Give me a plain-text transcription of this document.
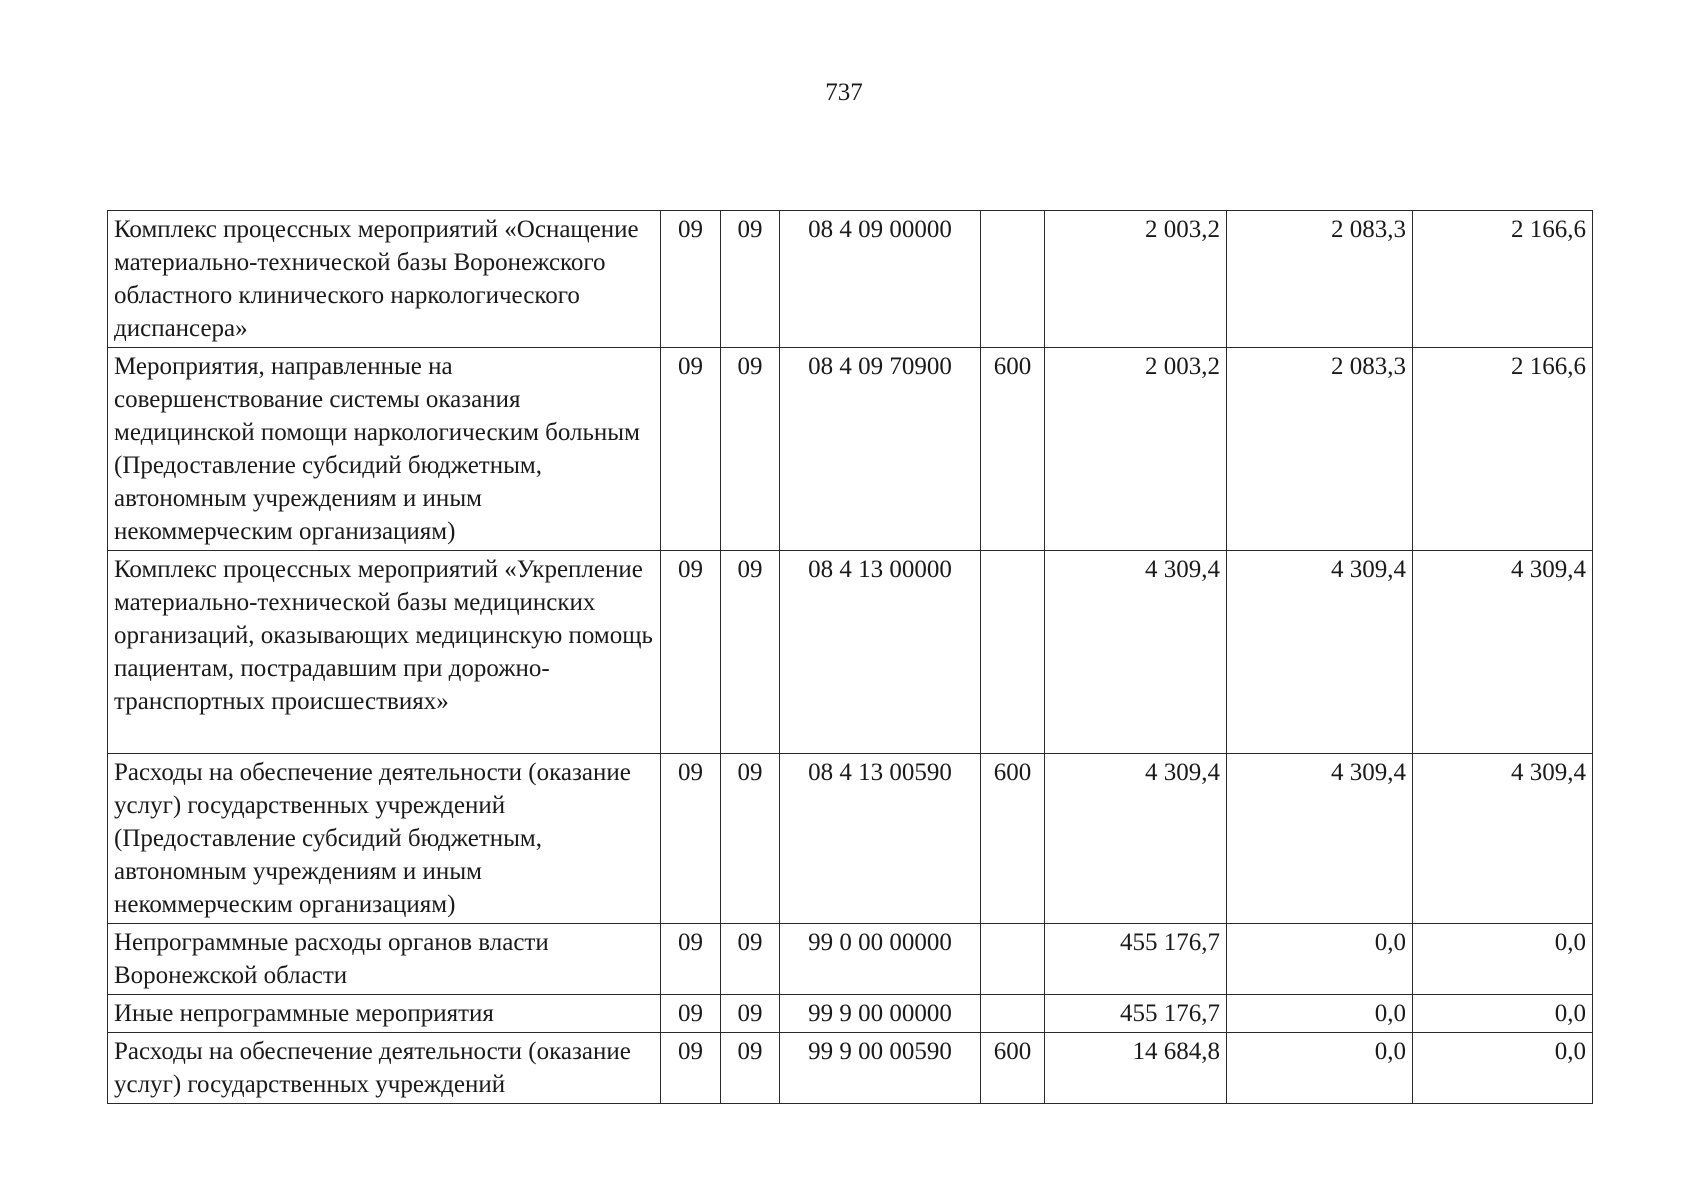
737
Комплекс процессных мероприятий «Оснащение материально-технической базы Воронежского областного клинического наркологического диспансера»	09	09	08 4 09 00000		2 003,2	2 083,3	2 166,6
Мероприятия, направленные на совершенствование системы оказания медицинской помощи наркологическим больным (Предоставление субсидий бюджетным, автономным учреждениям и иным некоммерческим организациям)	09	09	08 4 09 70900	600	2 003,2	2 083,3	2 166,6
Комплекс процессных мероприятий «Укрепление материально-технической базы медицинских организаций, оказывающих медицинскую помощь пациентам, пострадавшим при дорожно-транспортных происшествиях»	09	09	08 4 13 00000		4 309,4	4 309,4	4 309,4
Расходы на обеспечение деятельности (оказание услуг) государственных учреждений (Предоставление субсидий бюджетным, автономным учреждениям и иным некоммерческим организациям)	09	09	08 4 13 00590	600	4 309,4	4 309,4	4 309,4
Непрограммные расходы органов власти Воронежской области	09	09	99 0 00 00000		455 176,7	0,0	0,0
Иные непрограммные мероприятия	09	09	99 9 00 00000		455 176,7	0,0	0,0
Расходы на обеспечение деятельности (оказание услуг) государственных учреждений	09	09	99 9 00 00590	600	14 684,8	0,0	0,0
